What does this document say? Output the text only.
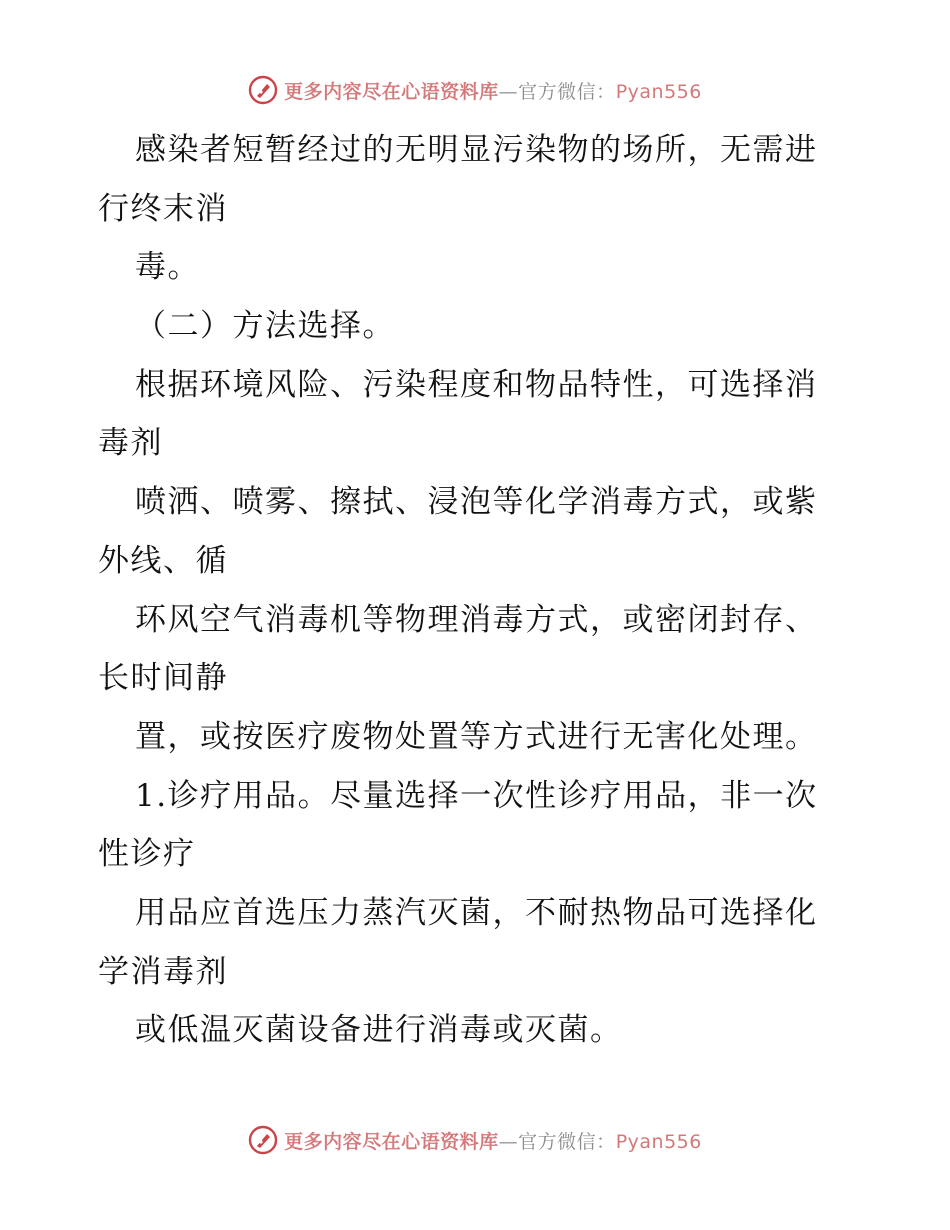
更多内容尽在心语资料库—官方微信：Pyan556
感染者短暂经过的无明显污染物的场所，无需进
行终末消
毒。
（二）方法选择。
根据环境风险、污染程度和物品特性，可选择消
毒剂
喷洒、喷雾、擦拭、浸泡等化学消毒方式，或紫
外线、循
环风空气消毒机等物理消毒方式，或密闭封存、
长时间静
置，或按医疗废物处置等方式进行无害化处理。
1.诊疗用品。尽量选择一次性诊疗用品，非一次
性诊疗
用品应首选压力蒸汽灭菌，不耐热物品可选择化
学消毒剂
或低温灭菌设备进行消毒或灭菌。
更多内容尽在心语资料库—官方微信：Pyan556
